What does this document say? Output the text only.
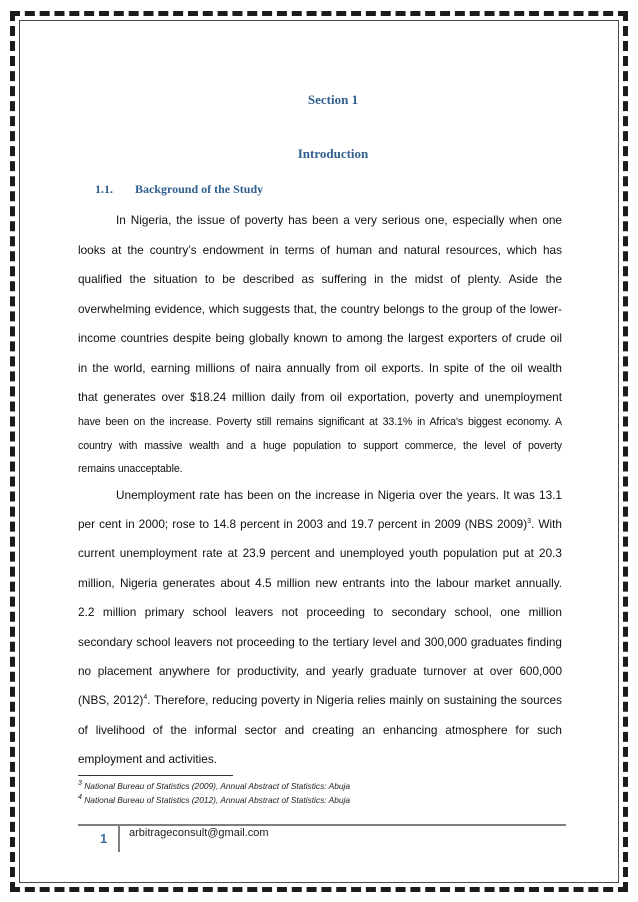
Section 1
Introduction
1.1. Background of the Study
In Nigeria, the issue of poverty has been a very serious one, especially when one
looks at the country’s endowment in terms of human and natural resources, which has
qualified the situation to be described as suffering in the midst of plenty. Aside the
overwhelming evidence, which suggests that, the country belongs to the group of the lower-
income countries despite being globally known to among the largest exporters of crude oil
in the world, earning millions of naira annually from oil exports. In spite of the oil wealth
that generates over $18.24 million daily from oil exportation, poverty and unemployment
have been on the increase. Poverty still remains significant at 33.1% in Africa's biggest economy. A
country with massive wealth and a huge population to support commerce, the level of poverty
remains unacceptable.
Unemployment rate has been on the increase in Nigeria over the years. It was 13.1
per cent in 2000; rose to 14.8 percent in 2003 and 19.7 percent in 2009 (NBS 2009)$^3$. With
current unemployment rate at 23.9 percent and unemployed youth population put at 20.3
million, Nigeria generates about 4.5 million new entrants into the labour market annually.
2.2 million primary school leavers not proceeding to secondary school, one million
secondary school leavers not proceeding to the tertiary level and 300,000 graduates finding
no placement anywhere for productivity, and yearly graduate turnover at over 600,000
(NBS, 2012)$^4$. Therefore, reducing poverty in Nigeria relies mainly on sustaining the sources
of livelihood of the informal sector and creating an enhancing atmosphere for such
employment and activities.
$^3$ National Bureau of Statistics (2009), Annual Abstract of Statistics: Abuja
$^4$ National Bureau of Statistics (2012), Annual Abstract of Statistics: Abuja
1 arbitrageconsult@gmail.com
